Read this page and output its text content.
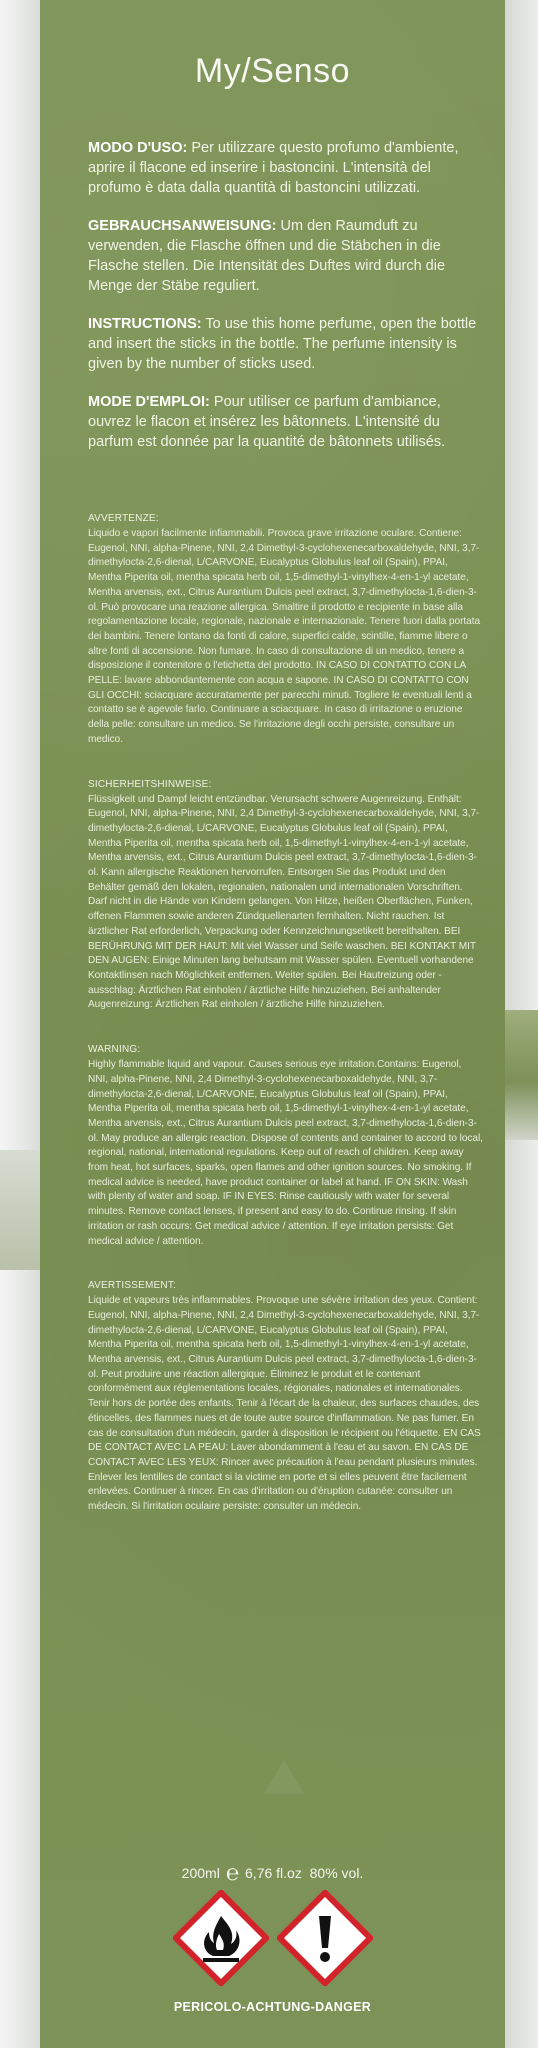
My/Senso

MODO D'USO: Per utilizzare questo profumo d'ambiente, aprire il flacone ed inserire i bastoncini. L'intensità del profumo è data dalla quantità di bastoncini utilizzati.

GEBRAUCHSANWEISUNG: Um den Raumduft zu verwenden, die Flasche öffnen und die Stäbchen in die Flasche stellen. Die Intensität des Duftes wird durch die Menge der Stäbe reguliert.

INSTRUCTIONS: To use this home perfume, open the bottle and insert the sticks in the bottle. The perfume intensity is given by the number of sticks used.

MODE D'EMPLOI: Pour utiliser ce parfum d'ambiance, ouvrez le flacon et insérez les bâtonnets. L'intensité du parfum est donnée par la quantité de bâtonnets utilisés.

AVVERTENZE:

Liquido e vapori facilmente infiammabili. Provoca grave irritazione oculare. Contiene: Eugenol, NNI, alpha-Pinene, NNI, 2,4 Dimethyl-3-cyclohexenecarboxaldehyde, NNI, 3,7-dimethylocta-2,6-dienal, L/CARVONE, Eucalyptus Globulus leaf oil (Spain), PPAI, Mentha Piperita oil, mentha spicata herb oil, 1,5-dimethyl-1-vinylhex-4-en-1-yl acetate, Mentha arvensis, ext., Citrus Aurantium Dulcis peel extract, 3,7-dimethylocta-1,6-dien-3-ol. Può provocare una reazione allergica. Smaltire il prodotto e recipiente in base alla regolamentazione locale, regionale, nazionale e internazionale. Tenere fuori dalla portata dei bambini. Tenere lontano da fonti di calore, superfici calde, scintille, fiamme libere o altre fonti di accensione. Non fumare. In caso di consultazione di un medico, tenere a disposizione il contenitore o l'etichetta del prodotto. IN CASO DI CONTATTO CON LA PELLE: lavare abbondantemente con acqua e sapone. IN CASO DI CONTATTO CON GLI OCCHI: sciacquare accuratamente per parecchi minuti. Togliere le eventuali lenti a contatto se è agevole farlo. Continuare a sciacquare. In caso di irritazione o eruzione della pelle: consultare un medico. Se l'irritazione degli occhi persiste, consultare un medico.

SICHERHEITSHINWEISE:

Flüssigkeit und Dampf leicht entzündbar. Verursacht schwere Augenreizung. Enthält: Eugenol, NNI, alpha-Pinene, NNI, 2,4 Dimethyl-3-cyclohexenecarboxaldehyde, NNI, 3,7-dimethylocta-2,6-dienal, L/CARVONE, Eucalyptus Globulus leaf oil (Spain), PPAI, Mentha Piperita oil, mentha spicata herb oil, 1,5-dimethyl-1-vinylhex-4-en-1-yl acetate, Mentha arvensis, ext., Citrus Aurantium Dulcis peel extract, 3,7-dimethylocta-1,6-dien-3-ol. Kann allergische Reaktionen hervorrufen. Entsorgen Sie das Produkt und den Behälter gemäß den lokalen, regionalen, nationalen und internationalen Vorschriften. Darf nicht in die Hände von Kindern gelangen. Von Hitze, heißen Oberflächen, Funken, offenen Flammen sowie anderen Zündquellenarten fernhalten. Nicht rauchen. Ist ärztlicher Rat erforderlich, Verpackung oder Kennzeichnungsetikett bereithalten. BEI BERÜHRUNG MIT DER HAUT: Mit viel Wasser und Seife waschen. BEI KONTAKT MIT DEN AUGEN: Einige Minuten lang behutsam mit Wasser spülen. Eventuell vorhandene Kontaktlinsen nach Möglichkeit entfernen. Weiter spülen. Bei Hautreizung oder -ausschlag: Ärztlichen Rat einholen / ärztliche Hilfe hinzuziehen. Bei anhaltender Augenreizung: Ärztlichen Rat einholen / ärztliche Hilfe hinzuziehen.

WARNING:

Highly flammable liquid and vapour. Causes serious eye irritation.Contains: Eugenol, NNI, alpha-Pinene, NNI, 2,4 Dimethyl-3-cyclohexenecarboxaldehyde, NNI, 3,7-dimethylocta-2,6-dienal, L/CARVONE, Eucalyptus Globulus leaf oil (Spain), PPAI, Mentha Piperita oil, mentha spicata herb oil, 1,5-dimethyl-1-vinylhex-4-en-1-yl acetate, Mentha arvensis, ext., Citrus Aurantium Dulcis peel extract, 3,7-dimethylocta-1,6-dien-3-ol. May produce an allergic reaction. Dispose of contents and container to accord to local, regional, national, international regulations. Keep out of reach of children. Keep away from heat, hot surfaces, sparks, open flames and other ignition sources. No smoking. If medical advice is needed, have product container or label at hand. IF ON SKIN: Wash with plenty of water and soap. IF IN EYES: Rinse cautiously with water for several minutes. Remove contact lenses, if present and easy to do. Continue rinsing. If skin irritation or rash occurs: Get medical advice / attention. If eye irritation persists: Get medical advice / attention.

AVERTISSEMENT:

Liquide et vapeurs très inflammables. Provoque une sévère irritation des yeux. Contient: Eugenol, NNI, alpha-Pinene, NNI, 2,4 Dimethyl-3-cyclohexenecarboxaldehyde, NNI, 3,7-dimethylocta-2,6-dienal, L/CARVONE, Eucalyptus Globulus leaf oil (Spain), PPAI, Mentha Piperita oil, mentha spicata herb oil, 1,5-dimethyl-1-vinylhex-4-en-1-yl acetate, Mentha arvensis, ext., Citrus Aurantium Dulcis peel extract, 3,7-dimethylocta-1,6-dien-3-ol. Peut produire une réaction allergique. Éliminez le produit et le contenant conformément aux réglementations locales, régionales, nationales et internationales. Tenir hors de portée des enfants. Tenir à l'écart de la chaleur, des surfaces chaudes, des étincelles, des flammes nues et de toute autre source d'inflammation. Ne pas fumer. En cas de consultation d'un médecin, garder à disposition le récipient ou l'étiquette. EN CAS DE CONTACT AVEC LA PEAU: Laver abondamment à l'eau et au savon. EN CAS DE CONTACT AVEC LES YEUX: Rincer avec précaution à l'eau pendant plusieurs minutes. Enlever les lentilles de contact si la victime en porte et si elles peuvent être facilement enlevées. Continuer à rincer. En cas d'irritation ou d'éruption cutanée: consulter un médecin. Si l'irritation oculaire persiste: consulter un médecin.

200ml ℮ 6,76 fl.oz 80% vol.
PERICOLO-ACHTUNG-DANGER
